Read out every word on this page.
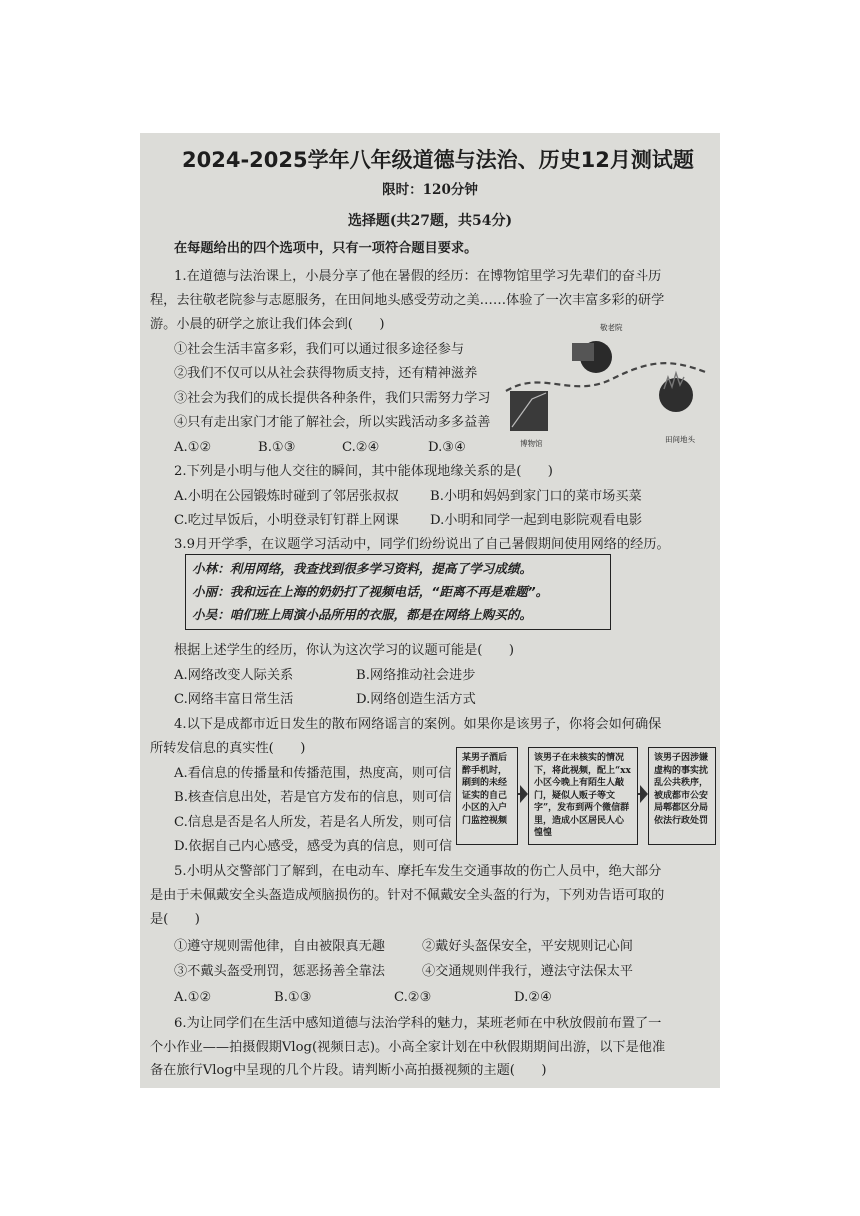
2024-2025学年八年级道德与法治、历史12月测试题
限时：120分钟
选择题(共27题，共54分)
在每题给出的四个选项中，只有一项符合题目要求。
1.在道德与法治课上，小晨分享了他在暑假的经历：在博物馆里学习先辈们的奋斗历
程，去往敬老院参与志愿服务，在田间地头感受劳动之美……体验了一次丰富多彩的研学
游。小晨的研学之旅让我们体会到(　　)
①社会生活丰富多彩，我们可以通过很多途径参与
②我们不仅可以从社会获得物质支持，还有精神滋养
③社会为我们的成长提供各种条件，我们只需努力学习
④只有走出家门才能了解社会，所以实践活动多多益善
A.①②	B.①③	C.②④	D.③④
敬老院
博物馆	田间地头
2.下列是小明与他人交往的瞬间，其中能体现地缘关系的是(　　)
A.小明在公园锻炼时碰到了邻居张叔叔 B.小明和妈妈到家门口的菜市场买菜
C.吃过早饭后，小明登录钉钉群上网课 D.小明和同学一起到电影院观看电影
3.9月开学季，在议题学习活动中，同学们纷纷说出了自己暑假期间使用网络的经历。
小林：利用网络，我查找到很多学习资料，提高了学习成绩。
小丽：我和远在上海的奶奶打了视频电话，“距离不再是难题”。
小吴：咱们班上周演小品所用的衣服，都是在网络上购买的。
根据上述学生的经历，你认为这次学习的议题可能是(　　)
A.网络改变人际关系	B.网络推动社会进步
C.网络丰富日常生活	D.网络创造生活方式
4.以下是成都市近日发生的散布网络谣言的案例。如果你是该男子，你将会如何确保
所转发信息的真实性(　　)
A.看信息的传播量和传播范围，热度高，则可信
B.核查信息出处，若是官方发布的信息，则可信
C.信息是否是名人所发，若是名人所发，则可信
D.依据自己内心感受，感受为真的信息，则可信
某男子酒后醉手机时，刷到的未经证实的自己小区的入户门监控视频
该男子在未核实的情况下，将此视频，配上“xx小区今晚上有陌生人敲门，疑似人贩子等文字”，发布到两个微信群里，造成小区居民人心惶惶
该男子因涉嫌虚构的事实扰乱公共秩序，被成都市公安局郫都区分局依法行政处罚
5.小明从交警部门了解到，在电动车、摩托车发生交通事故的伤亡人员中，绝大部分
是由于未佩戴安全头盔造成颅脑损伤的。针对不佩戴安全头盔的行为，下列劝告语可取的
是(　　)
①遵守规则需他律，自由被限真无趣	②戴好头盔保安全，平安规则记心间
③不戴头盔受刑罚，惩恶扬善全靠法	④交通规则伴我行，遵法守法保太平
A.①②	B.①③	C.②③	D.②④
6.为让同学们在生活中感知道德与法治学科的魅力，某班老师在中秋放假前布置了一
个小作业——拍摄假期Vlog(视频日志)。小高全家计划在中秋假期期间出游，以下是他准
备在旅行Vlog中呈现的几个片段。请判断小高拍摄视频的主题(　　)
